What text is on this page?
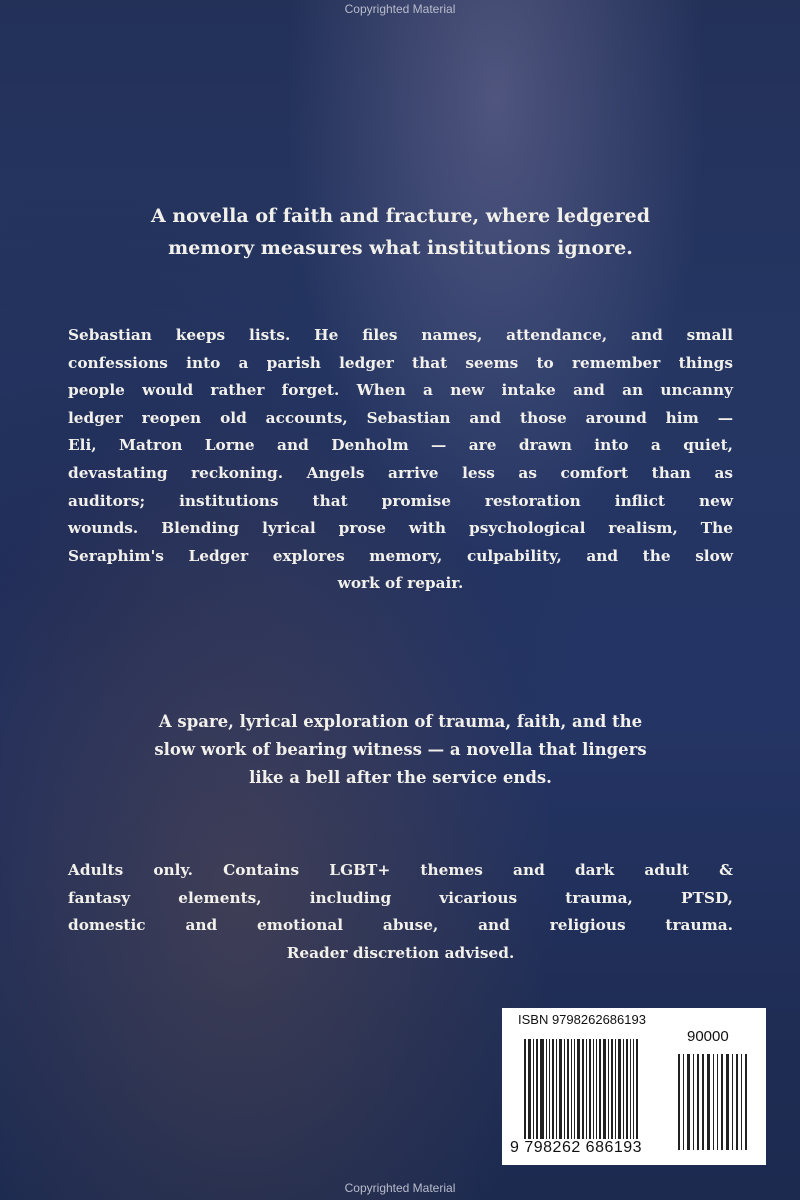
Copyrighted Material
A novella of faith and fracture, where ledgered
memory measures what institutions ignore.
Sebastian keeps lists. He files names, attendance, and small
confessions into a parish ledger that seems to remember things
people would rather forget. When a new intake and an uncanny
ledger reopen old accounts, Sebastian and those around him —
Eli, Matron Lorne and Denholm — are drawn into a quiet,
devastating reckoning. Angels arrive less as comfort than as
auditors; institutions that promise restoration inflict new
wounds. Blending lyrical prose with psychological realism, The
Seraphim's Ledger explores memory, culpability, and the slow
work of repair.
A spare, lyrical exploration of trauma, faith, and the
slow work of bearing witness — a novella that lingers
like a bell after the service ends.
Adults only. Contains LGBT+ themes and dark adult &
fantasy elements, including vicarious trauma, PTSD,
domestic and emotional abuse, and religious trauma.
Reader discretion advised.
ISBN 9798262686193
90000
9 798262 686193
Copyrighted Material
